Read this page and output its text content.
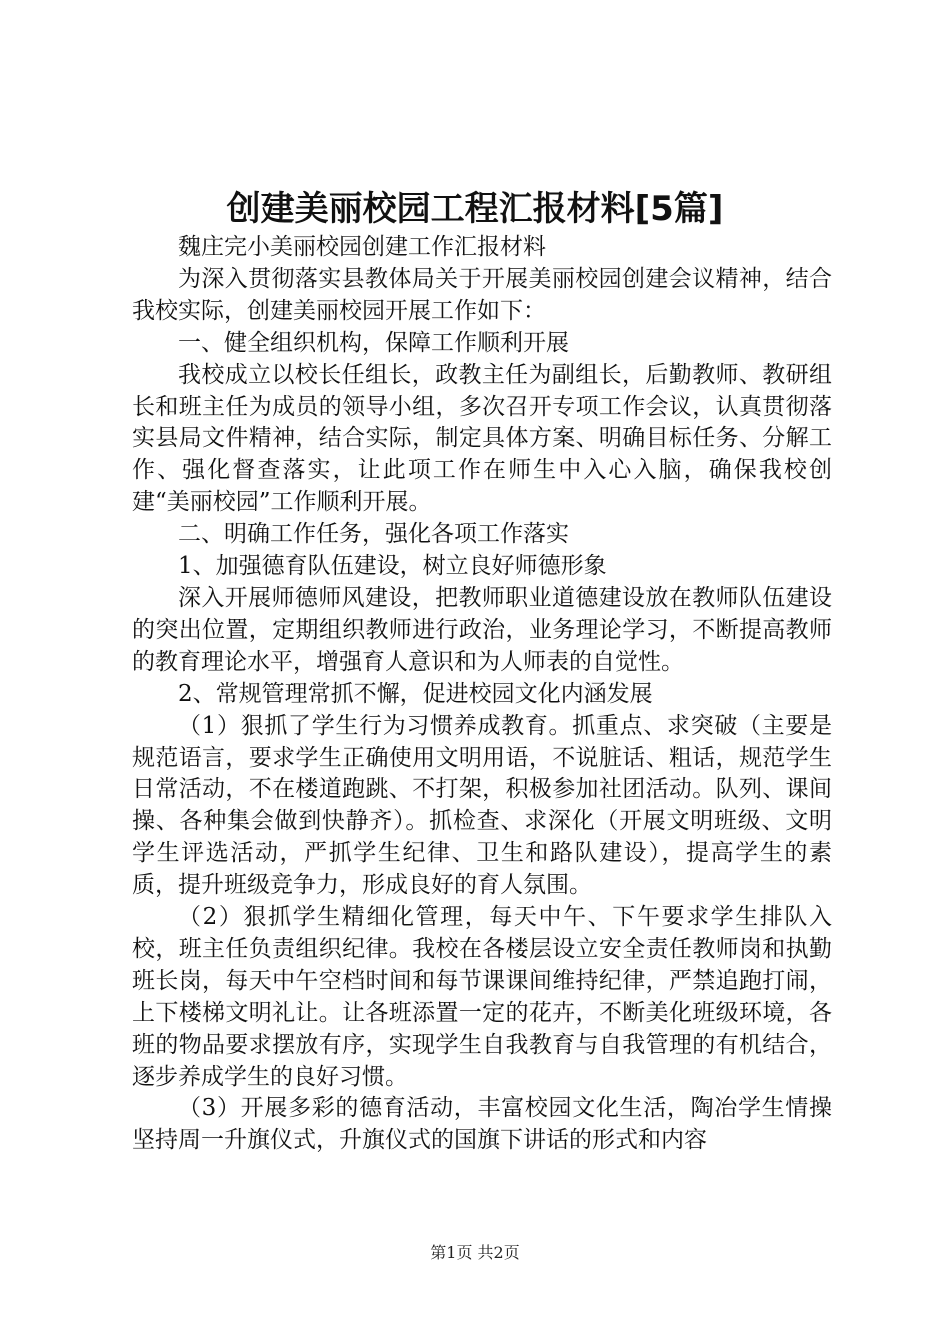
创建美丽校园工程汇报材料[5篇]

魏庄完小美丽校园创建工作汇报材料

为深入贯彻落实县教体局关于开展美丽校园创建会议精神，结合我校实际，创建美丽校园开展工作如下：

一、健全组织机构，保障工作顺利开展

我校成立以校长任组长，政教主任为副组长，后勤教师、教研组长和班主任为成员的领导小组，多次召开专项工作会议，认真贯彻落实县局文件精神，结合实际，制定具体方案、明确目标任务、分解工作、强化督查落实，让此项工作在师生中入心入脑，确保我校创建“美丽校园”工作顺利开展。

二、明确工作任务，强化各项工作落实

1、加强德育队伍建设，树立良好师德形象

深入开展师德师风建设，把教师职业道德建设放在教师队伍建设的突出位置，定期组织教师进行政治，业务理论学习，不断提高教师的教育理论水平，增强育人意识和为人师表的自觉性。

2、常规管理常抓不懈，促进校园文化内涵发展

（1）狠抓了学生行为习惯养成教育。抓重点、求突破（主要是规范语言，要求学生正确使用文明用语，不说脏话、粗话，规范学生日常活动，不在楼道跑跳、不打架，积极参加社团活动。队列、课间操、各种集会做到快静齐）。抓检查、求深化（开展文明班级、文明学生评选活动，严抓学生纪律、卫生和路队建设），提高学生的素质，提升班级竞争力，形成良好的育人氛围。

（2）狠抓学生精细化管理，每天中午、下午要求学生排队入校，班主任负责组织纪律。我校在各楼层设立安全责任教师岗和执勤班长岗，每天中午空档时间和每节课课间维持纪律，严禁追跑打闹，上下楼梯文明礼让。让各班添置一定的花卉，不断美化班级环境，各班的物品要求摆放有序，实现学生自我教育与自我管理的有机结合，逐步养成学生的良好习惯。

（3）开展多彩的德育活动，丰富校园文化生活，陶冶学生情操坚持周一升旗仪式，升旗仪式的国旗下讲话的形式和内容

第1页 共2页
